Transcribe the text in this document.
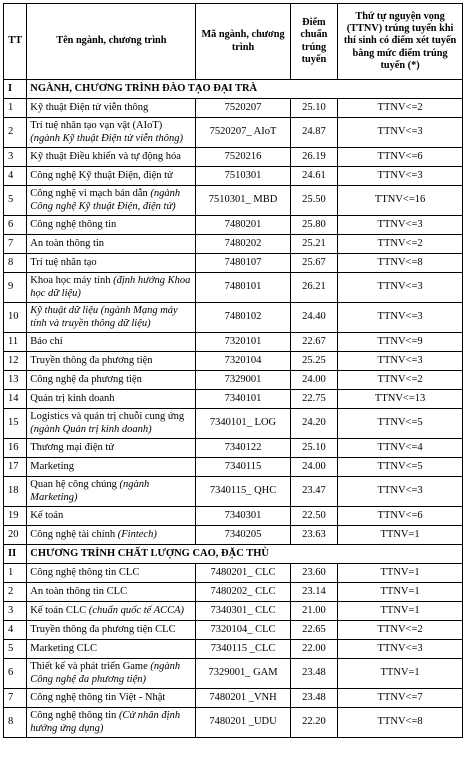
TT	Tên ngành, chương trình	Mã ngành, chương trình	Điểm chuẩn trúng tuyển	Thứ tự nguyện vọng (TTNV) trúng tuyển khi thí sinh có điểm xét tuyển bằng mức điểm trúng tuyển (*)
I	NGÀNH, CHƯƠNG TRÌNH ĐÀO TẠO ĐẠI TRÀ			
1	Kỹ thuật Điện tử viễn thông	7520207	25.10	TTNV<=2
2	Trí tuệ nhân tạo vạn vật (AIoT) (ngành Kỹ thuật Điện tử viễn thông)	7520207_ AIoT	24.87	TTNV<=3
3	Kỹ thuật Điều khiển và tự động hóa	7520216	26.19	TTNV<=6
4	Công nghệ Kỹ thuật Điện, điện tử	7510301	24.61	TTNV<=3
5	Công nghệ vi mạch bán dẫn (ngành Công nghệ Kỹ thuật Điện, điện tử)	7510301_ MBD	25.50	TTNV<=16
6	Công nghệ thông tin	7480201	25.80	TTNV<=3
7	An toàn thông tin	7480202	25.21	TTNV<=2
8	Trí tuệ nhân tạo	7480107	25.67	TTNV<=8
9	Khoa học máy tính (định hướng Khoa học dữ liệu)	7480101	26.21	TTNV<=3
10	Kỹ thuật dữ liệu (ngành Mạng máy tính và truyền thông dữ liệu)	7480102	24.40	TTNV<=3
11	Báo chí	7320101	22.67	TTNV<=9
12	Truyền thông đa phương tiện	7320104	25.25	TTNV<=3
13	Công nghệ đa phương tiện	7329001	24.00	TTNV<=2
14	Quản trị kinh doanh	7340101	22.75	TTNV<=13
15	Logistics và quản trị chuỗi cung ứng (ngành Quản trị kinh doanh)	7340101_ LOG	24.20	TTNV<=5
16	Thương mại điện tử	7340122	25.10	TTNV<=4
17	Marketing	7340115	24.00	TTNV<=5
18	Quan hệ công chúng (ngành Marketing)	7340115_ QHC	23.47	TTNV<=3
19	Kế toán	7340301	22.50	TTNV<=6
20	Công nghệ tài chính (Fintech)	7340205	23.63	TTNV=1
II	CHƯƠNG TRÌNH CHẤT LƯỢNG CAO, ĐẶC THÙ			
1	Công nghệ thông tin CLC	7480201_ CLC	23.60	TTNV=1
2	An toàn thông tin CLC	7480202_ CLC	23.14	TTNV=1
3	Kế toán CLC (chuẩn quốc tế ACCA)	7340301_ CLC	21.00	TTNV=1
4	Truyền thông đa phương tiện CLC	7320104_ CLC	22.65	TTNV<=2
5	Marketing CLC	7340115 _CLC	22.00	TTNV<=3
6	Thiết kế và phát triển Game (ngành Công nghệ đa phương tiện)	7329001_ GAM	23.48	TTNV=1
7	Công nghệ thông tin Việt - Nhật	7480201 _VNH	23.48	TTNV<=7
8	Công nghệ thông tin (Cử nhân định hướng ứng dụng)	7480201 _UDU	22.20	TTNV<=8
